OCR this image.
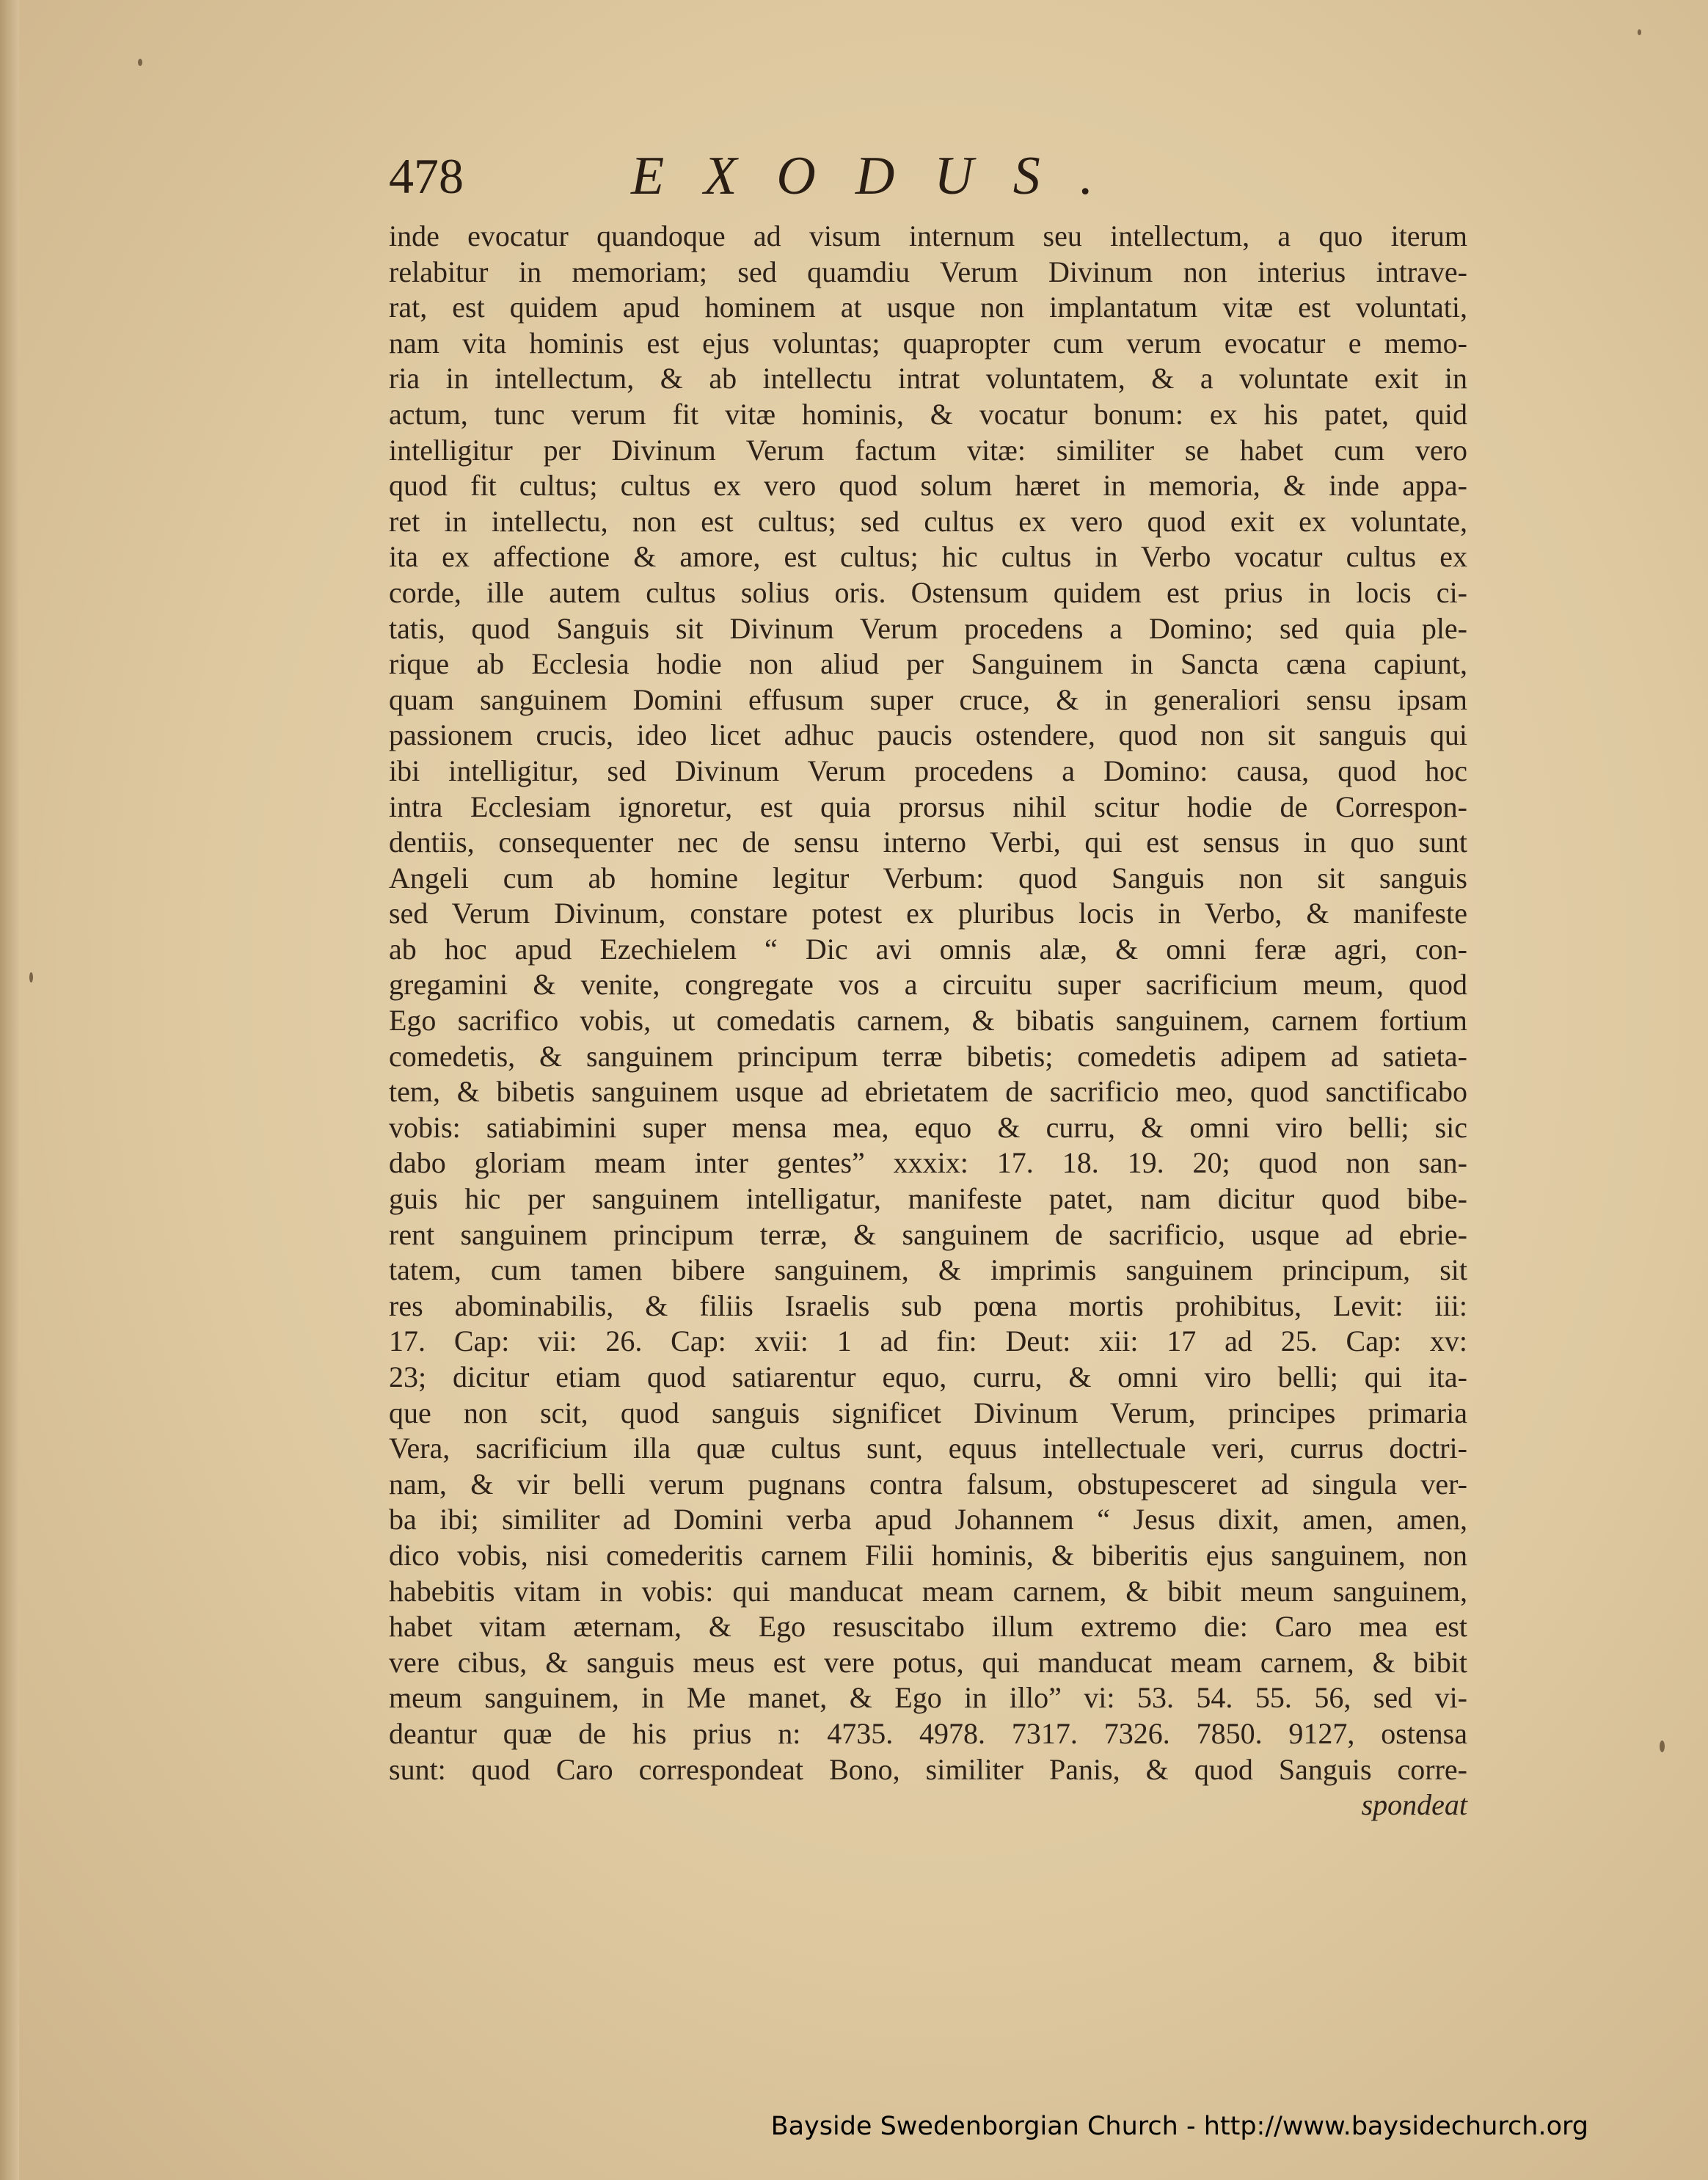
478	EXODUS.
inde evocatur quandoque ad visum internum seu intellectum, a quo iterum
relabitur in memoriam; sed quamdiu Verum Divinum non interius intrave-
rat, est quidem apud hominem at usque non implantatum vitæ est voluntati,
nam vita hominis est ejus voluntas; quapropter cum verum evocatur e memo-
ria in intellectum, & ab intellectu intrat voluntatem, & a voluntate exit in
actum, tunc verum fit vitæ hominis, & vocatur bonum: ex his patet, quid
intelligitur per Divinum Verum factum vitæ: similiter se habet cum vero
quod fit cultus; cultus ex vero quod solum hæret in memoria, & inde appa-
ret in intellectu, non est cultus; sed cultus ex vero quod exit ex voluntate,
ita ex affectione & amore, est cultus; hic cultus in Verbo vocatur cultus ex
corde, ille autem cultus solius oris. Ostensum quidem est prius in locis ci-
tatis, quod Sanguis sit Divinum Verum procedens a Domino; sed quia ple-
rique ab Ecclesia hodie non aliud per Sanguinem in Sancta cæna capiunt,
quam sanguinem Domini effusum super cruce, & in generaliori sensu ipsam
passionem crucis, ideo licet adhuc paucis ostendere, quod non sit sanguis qui
ibi intelligitur, sed Divinum Verum procedens a Domino: causa, quod hoc
intra Ecclesiam ignoretur, est quia prorsus nihil scitur hodie de Correspon-
dentiis, consequenter nec de sensu interno Verbi, qui est sensus in quo sunt
Angeli cum ab homine legitur Verbum: quod Sanguis non sit sanguis
sed Verum Divinum, constare potest ex pluribus locis in Verbo, & manifeste
ab hoc apud Ezechielem “ Dic avi omnis alæ, & omni feræ agri, con-
gregamini & venite, congregate vos a circuitu super sacrificium meum, quod
Ego sacrifico vobis, ut comedatis carnem, & bibatis sanguinem, carnem fortium
comedetis, & sanguinem principum terræ bibetis; comedetis adipem ad satieta-
tem, & bibetis sanguinem usque ad ebrietatem de sacrificio meo, quod sanctificabo
vobis: satiabimini super mensa mea, equo & curru, & omni viro belli; sic
dabo gloriam meam inter gentes” xxxix: 17. 18. 19. 20; quod non san-
guis hic per sanguinem intelligatur, manifeste patet, nam dicitur quod bibe-
rent sanguinem principum terræ, & sanguinem de sacrificio, usque ad ebrie-
tatem, cum tamen bibere sanguinem, & imprimis sanguinem principum, sit
res abominabilis, & filiis Israelis sub pœna mortis prohibitus, Levit: iii:
17. Cap: vii: 26. Cap: xvii: 1 ad fin: Deut: xii: 17 ad 25. Cap: xv:
23; dicitur etiam quod satiarentur equo, curru, & omni viro belli; qui ita-
que non scit, quod sanguis significet Divinum Verum, principes primaria
Vera, sacrificium illa quæ cultus sunt, equus intellectuale veri, currus doctri-
nam, & vir belli verum pugnans contra falsum, obstupesceret ad singula ver-
ba ibi; similiter ad Domini verba apud Johannem “ Jesus dixit, amen, amen,
dico vobis, nisi comederitis carnem Filii hominis, & biberitis ejus sanguinem, non
habebitis vitam in vobis: qui manducat meam carnem, & bibit meum sanguinem,
habet vitam æternam, & Ego resuscitabo illum extremo die: Caro mea est
vere cibus, & sanguis meus est vere potus, qui manducat meam carnem, & bibit
meum sanguinem, in Me manet, & Ego in illo” vi: 53. 54. 55. 56, sed vi-
deantur quæ de his prius n: 4735. 4978. 7317. 7326. 7850. 9127, ostensa
sunt: quod Caro correspondeat Bono, similiter Panis, & quod Sanguis corre-
spondeat
Bayside Swedenborgian Church - http://www.baysidechurch.org
